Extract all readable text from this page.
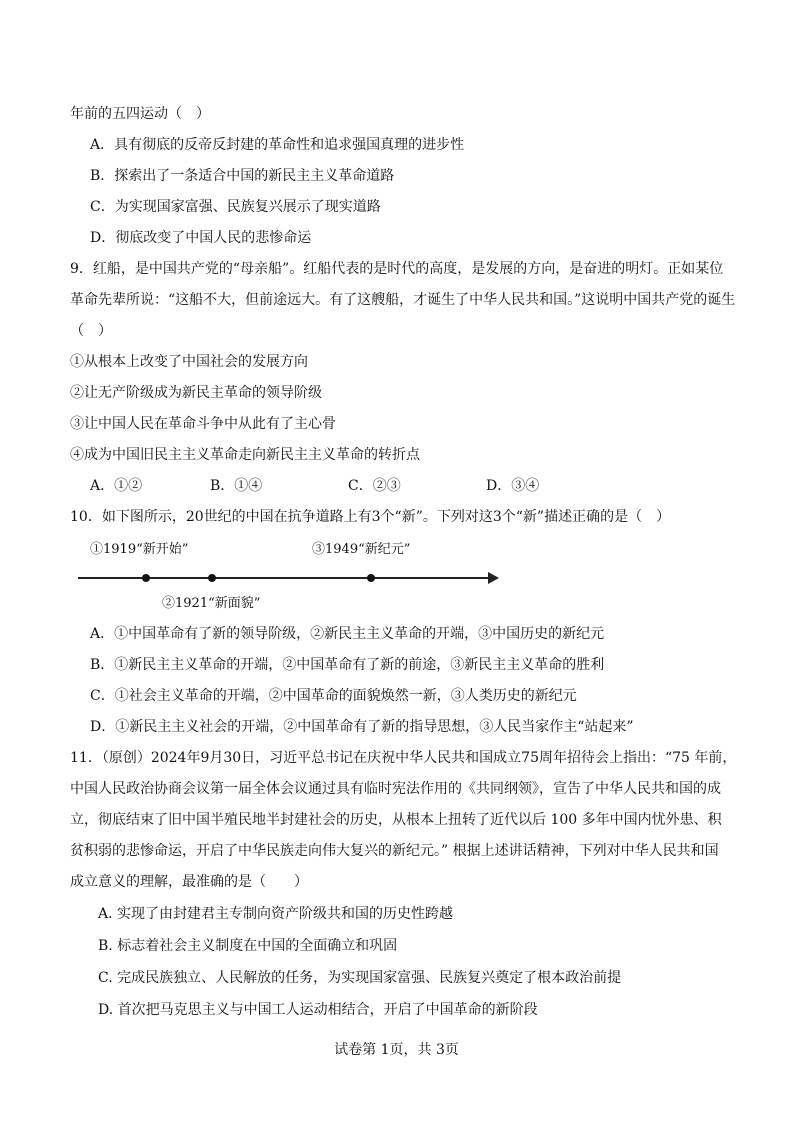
年前的五四运动（　）
A．具有彻底的反帝反封建的革命性和追求强国真理的进步性
B．探索出了一条适合中国的新民主主义革命道路
C．为实现国家富强、民族复兴展示了现实道路
D．彻底改变了中国人民的悲惨命运
9．红船，是中国共产党的“母亲船”。红船代表的是时代的高度，是发展的方向，是奋进的明灯。正如某位
革命先辈所说：“这船不大，但前途远大。有了这艘船，才诞生了中华人民共和国。”这说明中国共产党的诞生
（　）
①从根本上改变了中国社会的发展方向
②让无产阶级成为新民主革命的领导阶级
③让中国人民在革命斗争中从此有了主心骨
④成为中国旧民主主义革命走向新民主主义革命的转折点
A．①②	B．①④	C．②③	D．③④
10．如下图所示，20世纪的中国在抗争道路上有3个“新”。下列对这3个“新”描述正确的是（　）
①1919“新开始”	③1949“新纪元”
②1921“新面貌”
A．①中国革命有了新的领导阶级，②新民主主义革命的开端，③中国历史的新纪元
B．①新民主主义革命的开端，②中国革命有了新的前途，③新民主主义革命的胜利
C．①社会主义革命的开端，②中国革命的面貌焕然一新，③人类历史的新纪元
D．①新民主主义社会的开端，②中国革命有了新的指导思想，③人民当家作主“站起来”
11．（原创）2024年9月30日，习近平总书记在庆祝中华人民共和国成立75周年招待会上指出：“75 年前，
中国人民政治协商会议第一届全体会议通过具有临时宪法作用的《共同纲领》，宣告了中华人民共和国的成
立，彻底结束了旧中国半殖民地半封建社会的历史，从根本上扭转了近代以后 100 多年中国内忧外患、积
贫积弱的悲惨命运，开启了中华民族走向伟大复兴的新纪元。” 根据上述讲话精神，下列对中华人民共和国
成立意义的理解，最准确的是（　　）
A. 实现了由封建君主专制向资产阶级共和国的历史性跨越
B. 标志着社会主义制度在中国的全面确立和巩固
C. 完成民族独立、人民解放的任务，为实现国家富强、民族复兴奠定了根本政治前提
D. 首次把马克思主义与中国工人运动相结合，开启了中国革命的新阶段
试卷第 1页，共 3页
